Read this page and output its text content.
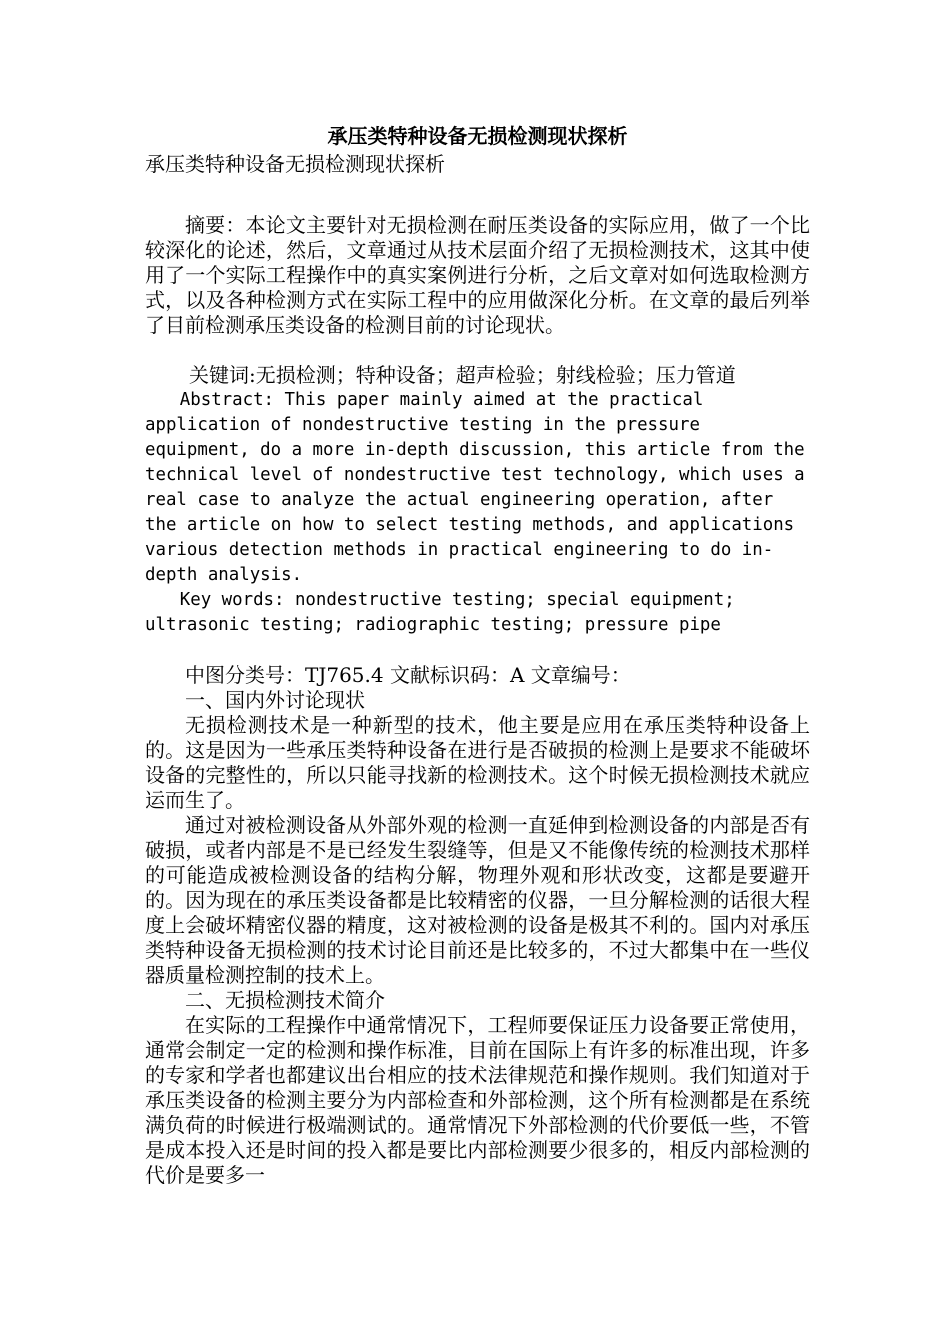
承压类特种设备无损检测现状探析

承压类特种设备无损检测现状探析

摘要：本论文主要针对无损检测在耐压类设备的实际应用，做了一个比较深化的论述，然后，文章通过从技术层面介绍了无损检测技术，这其中使用了一个实际工程操作中的真实案例进行分析，之后文章对如何选取检测方式，以及各种检测方式在实际工程中的应用做深化分析。在文章的最后列举了目前检测承压类设备的检测目前的讨论现状。

关键词:无损检测；特种设备；超声检验；射线检验；压力管道

Abstract: This paper mainly aimed at the practical application of nondestructive testing in the pressure equipment, do a more in-depth discussion, this article from the technical level of nondestructive test technology, which uses a real case to analyze the actual engineering operation, after the article on how to select testing methods, and applications various detection methods in practical engineering to do in-depth analysis.

Key words: nondestructive testing; special equipment; ultrasonic testing; radiographic testing; pressure pipe

中图分类号：TJ765.4 文献标识码：A 文章编号：

一、国内外讨论现状

无损检测技术是一种新型的技术，他主要是应用在承压类特种设备上的。这是因为一些承压类特种设备在进行是否破损的检测上是要求不能破坏设备的完整性的，所以只能寻找新的检测技术。这个时候无损检测技术就应运而生了。

通过对被检测设备从外部外观的检测一直延伸到检测设备的内部是否有破损，或者内部是不是已经发生裂缝等，但是又不能像传统的检测技术那样的可能造成被检测设备的结构分解，物理外观和形状改变，这都是要避开的。因为现在的承压类设备都是比较精密的仪器，一旦分解检测的话很大程度上会破坏精密仪器的精度，这对被检测的设备是极其不利的。国内对承压类特种设备无损检测的技术讨论目前还是比较多的，不过大都集中在一些仪器质量检测控制的技术上。

二、无损检测技术简介

在实际的工程操作中通常情况下，工程师要保证压力设备要正常使用，通常会制定一定的检测和操作标准，目前在国际上有许多的标准出现，许多的专家和学者也都建议出台相应的技术法律规范和操作规则。我们知道对于承压类设备的检测主要分为内部检查和外部检测，这个所有检测都是在系统满负荷的时候进行极端测试的。通常情况下外部检测的代价要低一些，不管是成本投入还是时间的投入都是要比内部检测要少很多的，相反内部检测的代价是要多一
